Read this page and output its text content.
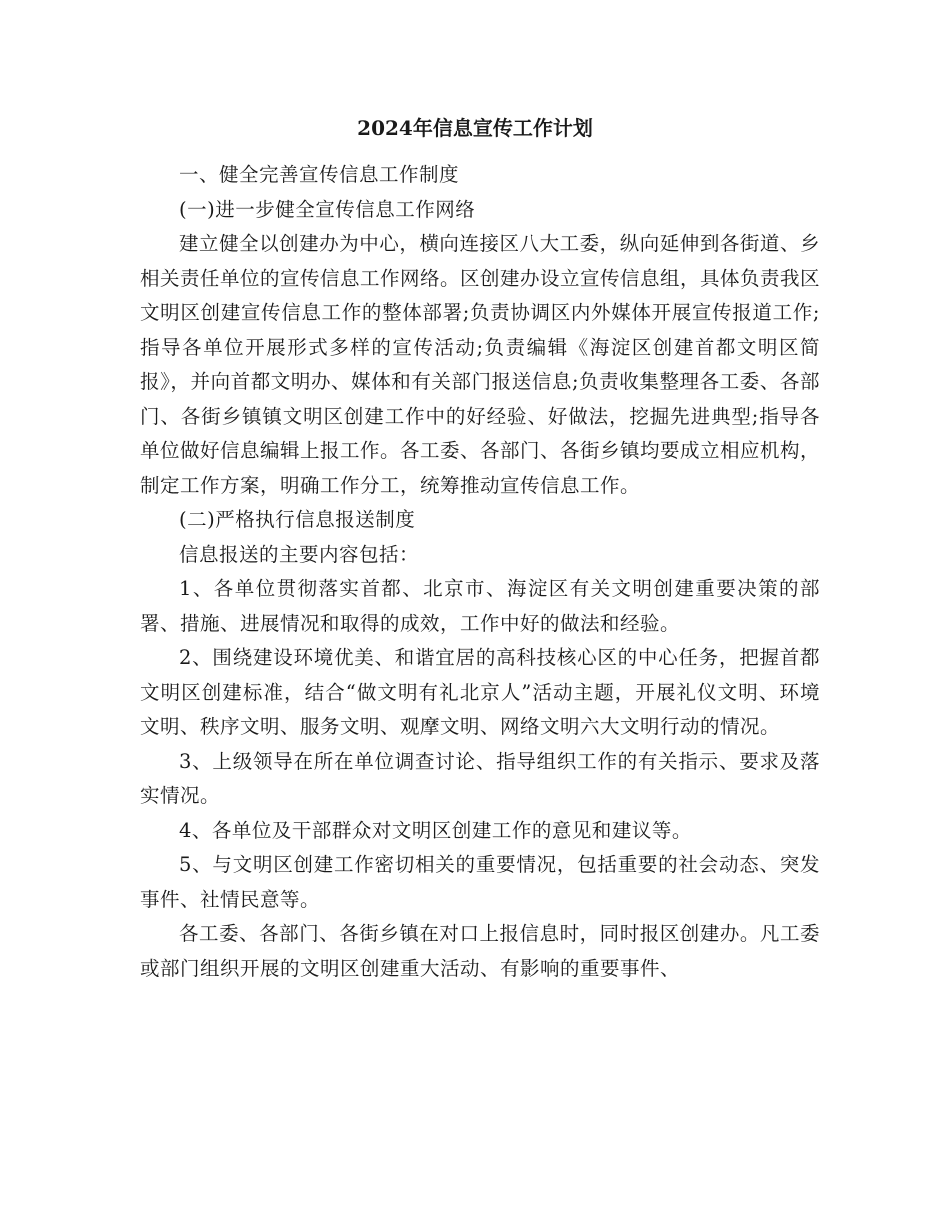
2024年信息宣传工作计划

一、健全完善宣传信息工作制度

(一)进一步健全宣传信息工作网络

建立健全以创建办为中心，横向连接区八大工委，纵向延伸到各街道、乡相关责任单位的宣传信息工作网络。区创建办设立宣传信息组，具体负责我区文明区创建宣传信息工作的整体部署;负责协调区内外媒体开展宣传报道工作;指导各单位开展形式多样的宣传活动;负责编辑《海淀区创建首都文明区简报》，并向首都文明办、媒体和有关部门报送信息;负责收集整理各工委、各部门、各街乡镇镇文明区创建工作中的好经验、好做法，挖掘先进典型;指导各单位做好信息编辑上报工作。各工委、各部门、各街乡镇均要成立相应机构，制定工作方案，明确工作分工，统筹推动宣传信息工作。

(二)严格执行信息报送制度

信息报送的主要内容包括：

1、各单位贯彻落实首都、北京市、海淀区有关文明创建重要决策的部署、措施、进展情况和取得的成效，工作中好的做法和经验。

2、围绕建设环境优美、和谐宜居的高科技核心区的中心任务，把握首都文明区创建标准，结合“做文明有礼北京人”活动主题，开展礼仪文明、环境文明、秩序文明、服务文明、观摩文明、网络文明六大文明行动的情况。

3、上级领导在所在单位调查讨论、指导组织工作的有关指示、要求及落实情况。

4、各单位及干部群众对文明区创建工作的意见和建议等。

5、与文明区创建工作密切相关的重要情况，包括重要的社会动态、突发事件、社情民意等。

各工委、各部门、各街乡镇在对口上报信息时，同时报区创建办。凡工委或部门组织开展的文明区创建重大活动、有影响的重要事件、
